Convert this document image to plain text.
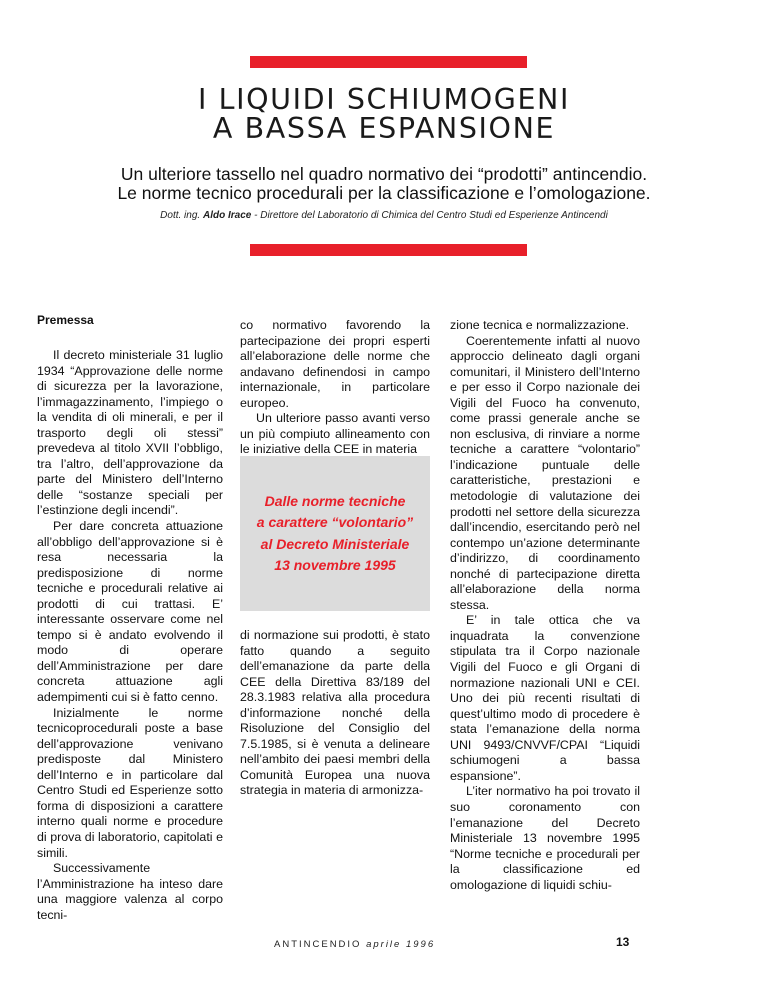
I LIQUIDI SCHIUMOGENI
A BASSA ESPANSIONE
Un ulteriore tassello nel quadro normativo dei “prodotti” antincendio.
Le norme tecnico procedurali per la classificazione e l’omologazione.
Dott. ing. Aldo Irace - Direttore del Laboratorio di Chimica del Centro Studi ed Esperienze Antincendi
Premessa

Il decreto ministeriale 31 luglio 1934 “Approvazione delle norme di sicurezza per la lavorazione, l’immagazzinamento, l’impiego o la vendita di oli minerali, e per il trasporto degli oli stessi” prevedeva al titolo XVII l’obbligo, tra l’altro, dell’approvazione da parte del Ministero dell’Interno delle “sostanze speciali per l’estinzione degli incendi”.

Per dare concreta attuazione all’obbligo dell’approvazione si è resa necessaria la predisposizione di norme tecniche e procedurali relative ai prodotti di cui trattasi. E’ interessante osservare come nel tempo si è andato evolvendo il modo di operare dell’Amministrazione per dare concreta attuazione agli adempimenti cui si è fatto cenno.

Inizialmente le norme tecnicoprocedurali poste a base dell’approvazione venivano predisposte dal Ministero dell’Interno e in particolare dal Centro Studi ed Esperienze sotto forma di disposizioni a carattere interno quali norme e procedure di prova di laboratorio, capitolati e simili.

Successivamente l’Amministrazione ha inteso dare una maggiore valenza al corpo tecni-

co normativo favorendo la partecipazione dei propri esperti all’elaborazione delle norme che andavano definendosi in campo internazionale, in particolare europeo.

Un ulteriore passo avanti verso un più compiuto allineamento con le iniziative della CEE in materia

Dalle norme tecniche
a carattere “volontario”
al Decreto Ministeriale
13 novembre 1995

di normazione sui prodotti, è stato fatto quando a seguito dell’emanazione da parte della CEE della Direttiva 83/189 del 28.3.1983 relativa alla procedura d’informazione nonché della Risoluzione del Consiglio del 7.5.1985, si è venuta a delineare nell’ambito dei paesi membri della Comunità Europea una nuova strategia in materia di armonizza-

zione tecnica e normalizzazione.

Coerentemente infatti al nuovo approccio delineato dagli organi comunitari, il Ministero dell’Interno e per esso il Corpo nazionale dei Vigili del Fuoco ha convenuto, come prassi generale anche se non esclusiva, di rinviare a norme tecniche a carattere “volontario” l’indicazione puntuale delle caratteristiche, prestazioni e metodologie di valutazione dei prodotti nel settore della sicurezza dall’incendio, esercitando però nel contempo un’azione determinante d’indirizzo, di coordinamento nonché di partecipazione diretta all’elaborazione della norma stessa.

E’ in tale ottica che va inquadrata la convenzione stipulata tra il Corpo nazionale Vigili del Fuoco e gli Organi di normazione nazionali UNI e CEI. Uno dei più recenti risultati di quest’ultimo modo di procedere è stata l’emanazione della norma UNI 9493/CNVVF/CPAI “Liquidi schiumogeni a bassa espansione”.

L’iter normativo ha poi trovato il suo coronamento con l’emanazione del Decreto Ministeriale 13 novembre 1995 “Norme tecniche e procedurali per la classificazione ed omologazione di liquidi schiu-

ANTINCENDIO aprile 1996	13
